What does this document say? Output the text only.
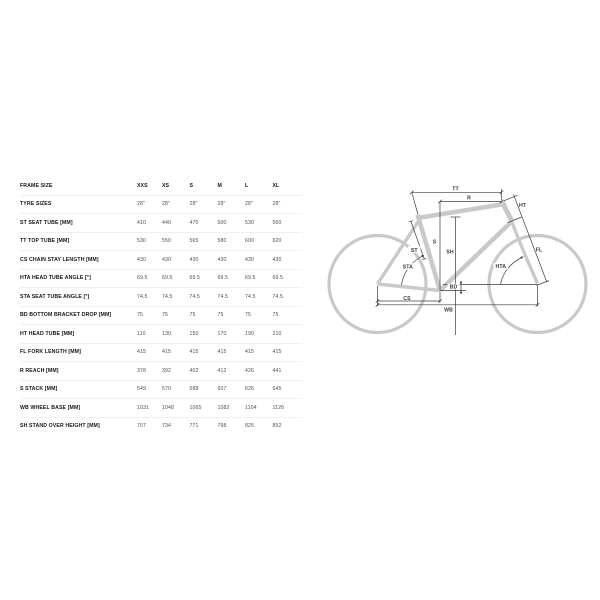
FRAME SIZE	XXS	XS	S	M	L	XL
TYRE SIZES	28"	28"	28"	28"	28"	28"
ST SEAT TUBE [MM]	410	440	470	500	530	560
TT TOP TUBE [MM]	530	550	565	580	600	620
CS CHAIN STAY LENGTH [MM]	430	430	430	430	430	430
HTA HEAD TUBE ANGLE [°]	69.5	69.5	69.5	69.5	69.5	69.5
STA SEAT TUBE ANGLE [°]	74.5	74.5	74.5	74.5	74.5	74.5
BD BOTTOM BRACKET DROP [MM]	75	75	75	75	75	75
HT HEAD TUBE [MM]	110	130	150	170	190	210
FL FORK LENGTH [MM]	415	415	415	415	415	415
R REACH [MM]	378	392	402	412	426	441
S STACK [MM]	549	570	588	607	626	645
WB WHEEL BASE [MM]	1031	1048	1065	1082	1104	1126
SH STAND OVER HEIGHT [MM]	707	734	771	798	825	852
TT
R
HT
S
SH
ST
STA	HTA
FL
BD
CS
WB
